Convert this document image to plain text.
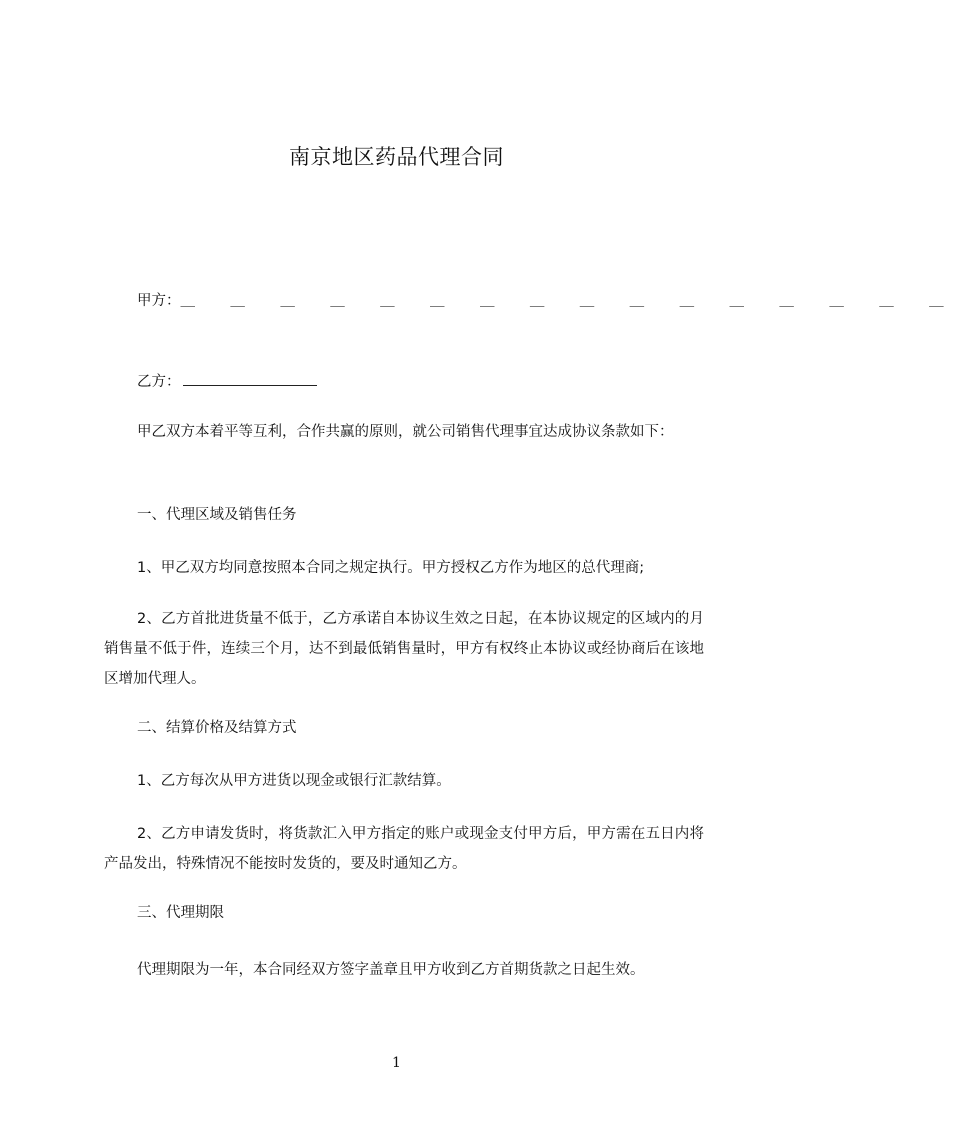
南京地区药品代理合同
甲 方 ： ＿ ＿ ＿ ＿ ＿ ＿ ＿ ＿ ＿ ＿ ＿ ＿ ＿ ＿ ＿ ＿
乙方：
甲乙双方本着平等互利，合作共赢的原则，就公司销售代理事宜达成协议条款如下：
一、代理区域及销售任务
1、甲乙双方均同意按照本合同之规定执行。甲方授权乙方作为地区的总代理商;
2、乙方首批进货量不低于，乙方承诺自本协议生效之日起，在本协议规定的区域内的月销售量不低于件，连续三个月，达不到最低销售量时，甲方有权终止本协议或经协商后在该地区增加代理人。
二、结算价格及结算方式
1、乙方每次从甲方进货以现金或银行汇款结算。
2、乙方申请发货时，将货款汇入甲方指定的账户或现金支付甲方后，甲方需在五日内将产品发出，特殊情况不能按时发货的，要及时通知乙方。
三、代理期限
代理期限为一年，本合同经双方签字盖章且甲方收到乙方首期货款之日起生效。
1
